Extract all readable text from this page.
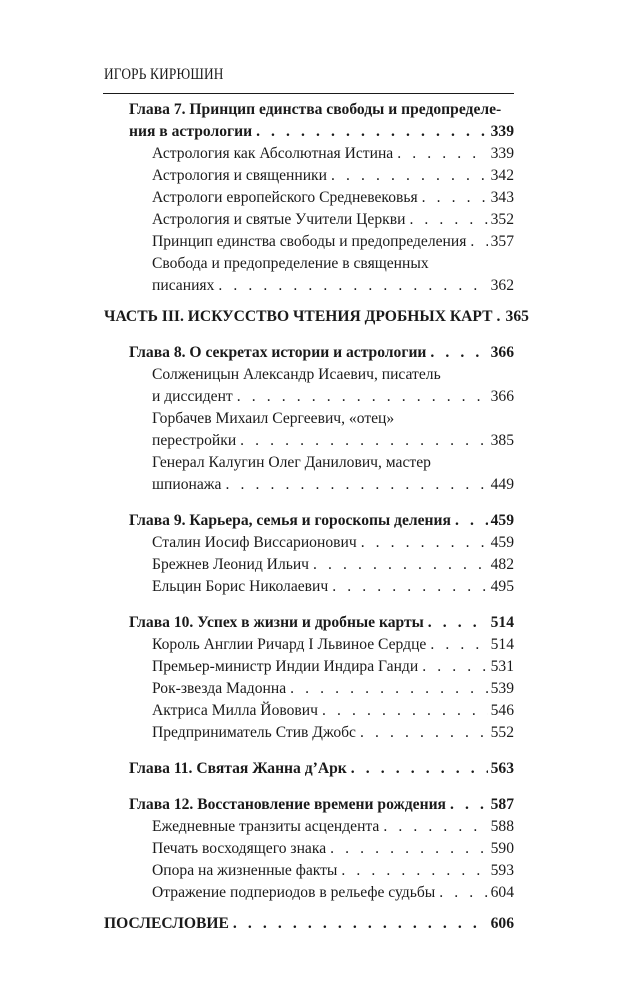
ИГОРЬ КИРЮШИН
Глава 7. Принцип единства свободы и предопределе-
ния в астрологии . . .	339
Астрология как Абсолютная Истина . . .	339
Астрология и священники . . .	342
Астрологи европейского Средневековья . . .	343
Астрология и святые Учители Церкви . . .	352
Принцип единства свободы и предопределения . . . 357
Свобода и предопределение в священных
писаниях . . .	362
ЧАСТЬ III. ИСКУССТВО ЧТЕНИЯ ДРОБНЫХ КАРТ . . . 365
Глава 8. О секретах истории и астрологии . . .	366
Солженицын Александр Исаевич, писатель
и диссидент . . .	366
Горбачев Михаил Сергеевич, «отец»
перестройки . . .	385
Генерал Калугин Олег Данилович, мастер
шпионажа . . .	449
Глава 9. Карьера, семья и гороскопы деления . . .	459
Сталин Иосиф Виссарионович . . .	459
Брежнев Леонид Ильич . . .	482
Ельцин Борис Николаевич . . .	495
Глава 10. Успех в жизни и дробные карты . . .	514
Король Англии Ричард I Львиное Сердце . . .	514
Премьер-министр Индии Индира Ганди . . .	531
Рок-звезда Мадонна . . .	539
Актриса Милла Йовович . . .	546
Предприниматель Стив Джобс . . .	552
Глава 11. Святая Жанна д’Арк . . .	563
Глава 12. Восстановление времени рождения . . .	587
Ежедневные транзиты асцендента . . .	588
Печать восходящего знака . . .	590
Опора на жизненные факты . . .	593
Отражение подпериодов в рельефе судьбы . . .	604
ПОСЛЕСЛОВИЕ . . .	606
